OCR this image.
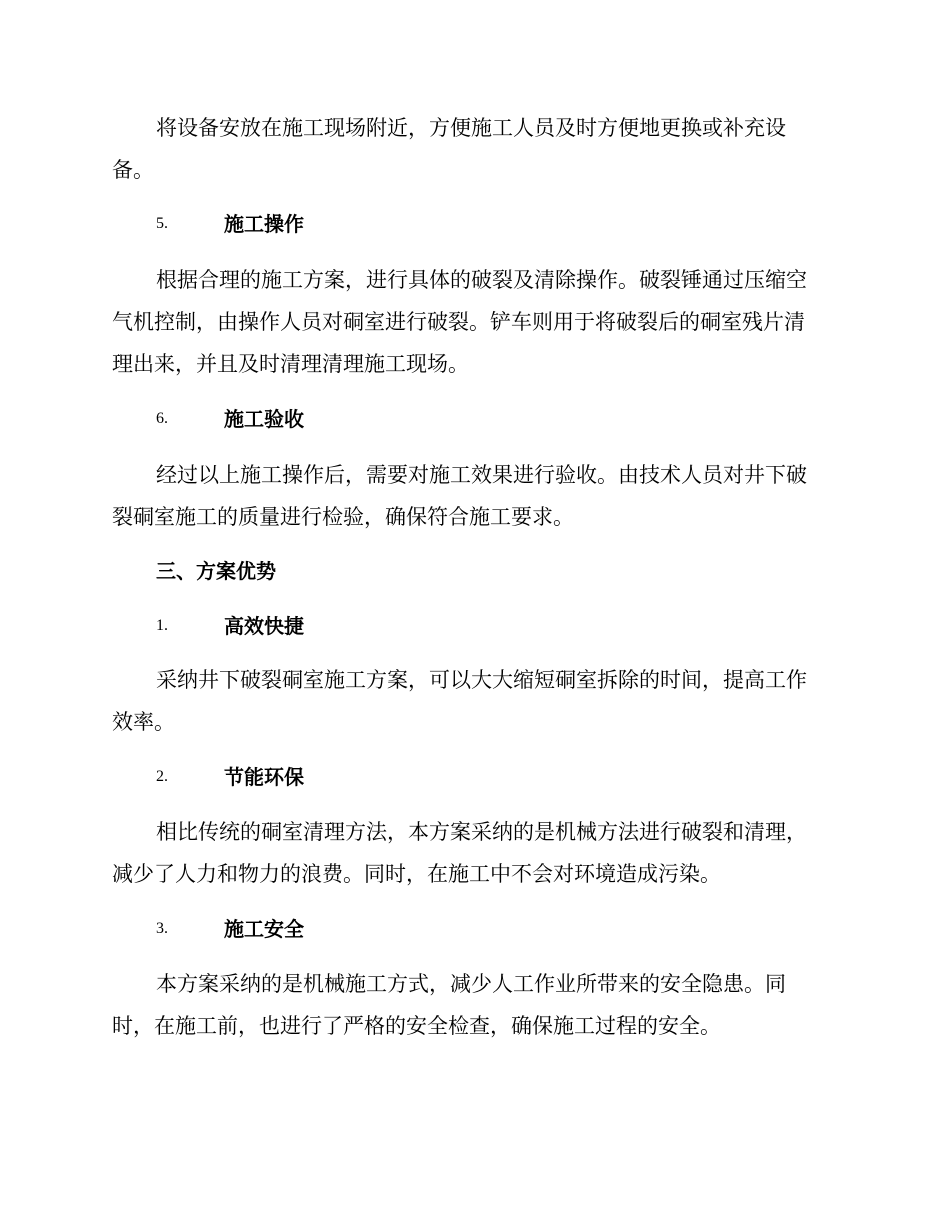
将设备安放在施工现场附近，方便施工人员及时方便地更换或补充设
备。
5.	施工操作
根据合理的施工方案，进行具体的破裂及清除操作。破裂锤通过压缩空
气机控制，由操作人员对硐室进行破裂。铲车则用于将破裂后的硐室残片清
理出来，并且及时清理清理施工现场。
6.	施工验收
经过以上施工操作后，需要对施工效果进行验收。由技术人员对井下破
裂硐室施工的质量进行检验，确保符合施工要求。
三、方案优势
1.	高效快捷
采纳井下破裂硐室施工方案，可以大大缩短硐室拆除的时间，提高工作
效率。
2.	节能环保
相比传统的硐室清理方法，本方案采纳的是机械方法进行破裂和清理，
减少了人力和物力的浪费。同时，在施工中不会对环境造成污染。
3.	施工安全
本方案采纳的是机械施工方式，减少人工作业所带来的安全隐患。同
时，在施工前，也进行了严格的安全检查，确保施工过程的安全。
